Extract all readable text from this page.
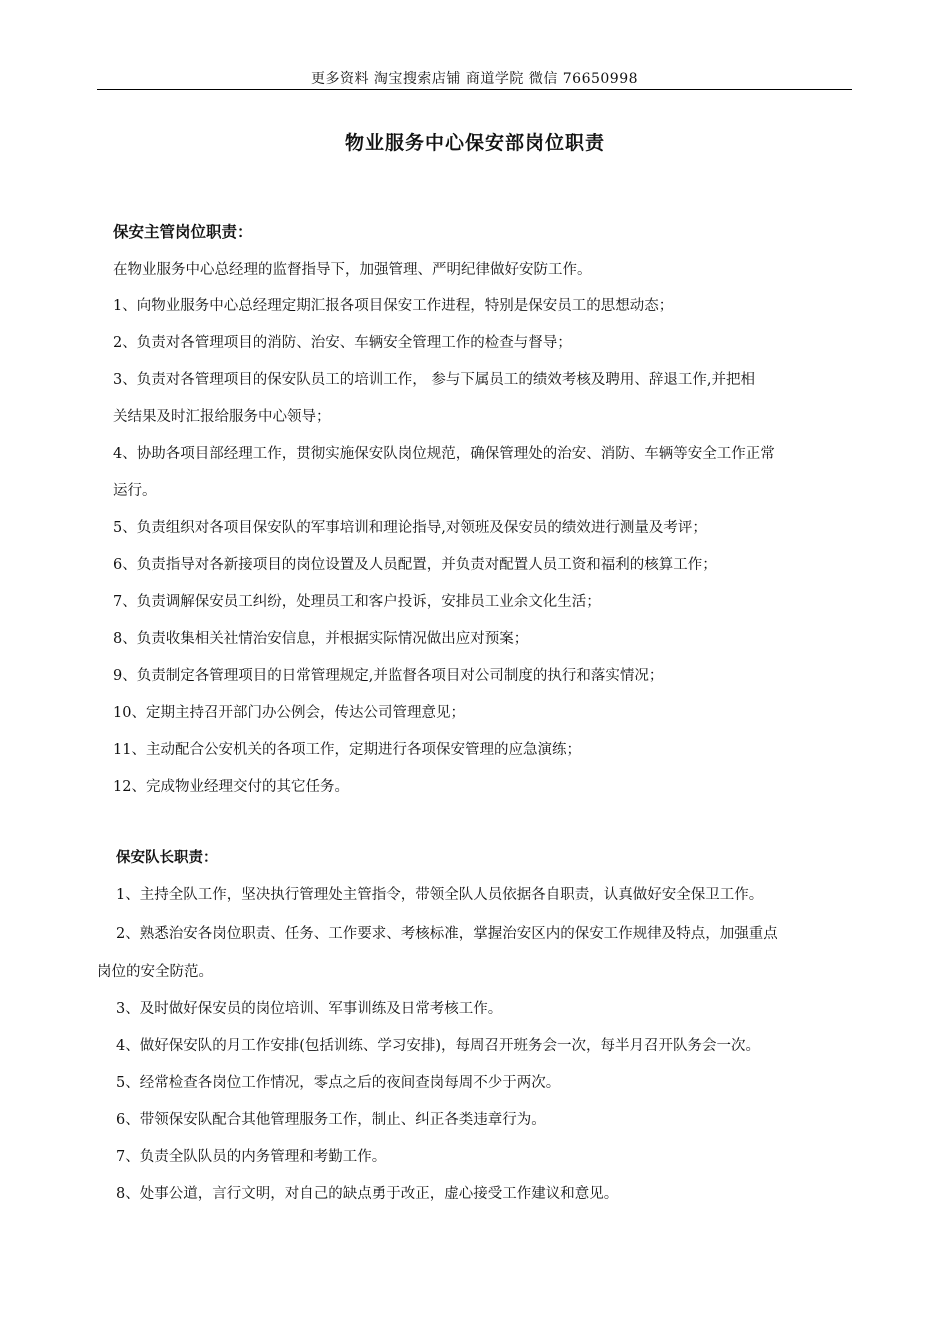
更多资料 淘宝搜索店铺 商道学院 微信 76650998
物业服务中心保安部岗位职责
保安主管岗位职责：
在物业服务中心总经理的监督指导下，加强管理、严明纪律做好安防工作。
1、向物业服务中心总经理定期汇报各项目保安工作进程，特别是保安员工的思想动态；
2、负责对各管理项目的消防、治安、车辆安全管理工作的检查与督导；
3、负责对各管理项目的保安队员工的培训工作， 参与下属员工的绩效考核及聘用、辞退工作,并把相
关结果及时汇报给服务中心领导；
4、协助各项目部经理工作，贯彻实施保安队岗位规范，确保管理处的治安、消防、车辆等安全工作正常
运行。
5、负责组织对各项目保安队的军事培训和理论指导,对领班及保安员的绩效进行测量及考评；
6、负责指导对各新接项目的岗位设置及人员配置，并负责对配置人员工资和福利的核算工作；
7、负责调解保安员工纠纷，处理员工和客户投诉，安排员工业余文化生活；
8、负责收集相关社情治安信息，并根据实际情况做出应对预案；
9、负责制定各管理项目的日常管理规定,并监督各项目对公司制度的执行和落实情况；
10、定期主持召开部门办公例会，传达公司管理意见；
11、主动配合公安机关的各项工作，定期进行各项保安管理的应急演练；
12、完成物业经理交付的其它任务。
保安队长职责：
1、主持全队工作，坚决执行管理处主管指令，带领全队人员依据各自职责，认真做好安全保卫工作。
2、熟悉治安各岗位职责、任务、工作要求、考核标准，掌握治安区内的保安工作规律及特点，加强重点
岗位的安全防范。
3、及时做好保安员的岗位培训、军事训练及日常考核工作。
4、做好保安队的月工作安排(包括训练、学习安排)，每周召开班务会一次，每半月召开队务会一次。
5、经常检查各岗位工作情况，零点之后的夜间查岗每周不少于两次。
6、带领保安队配合其他管理服务工作，制止、纠正各类违章行为。
7、负责全队队员的内务管理和考勤工作。
8、处事公道，言行文明，对自己的缺点勇于改正，虚心接受工作建议和意见。
